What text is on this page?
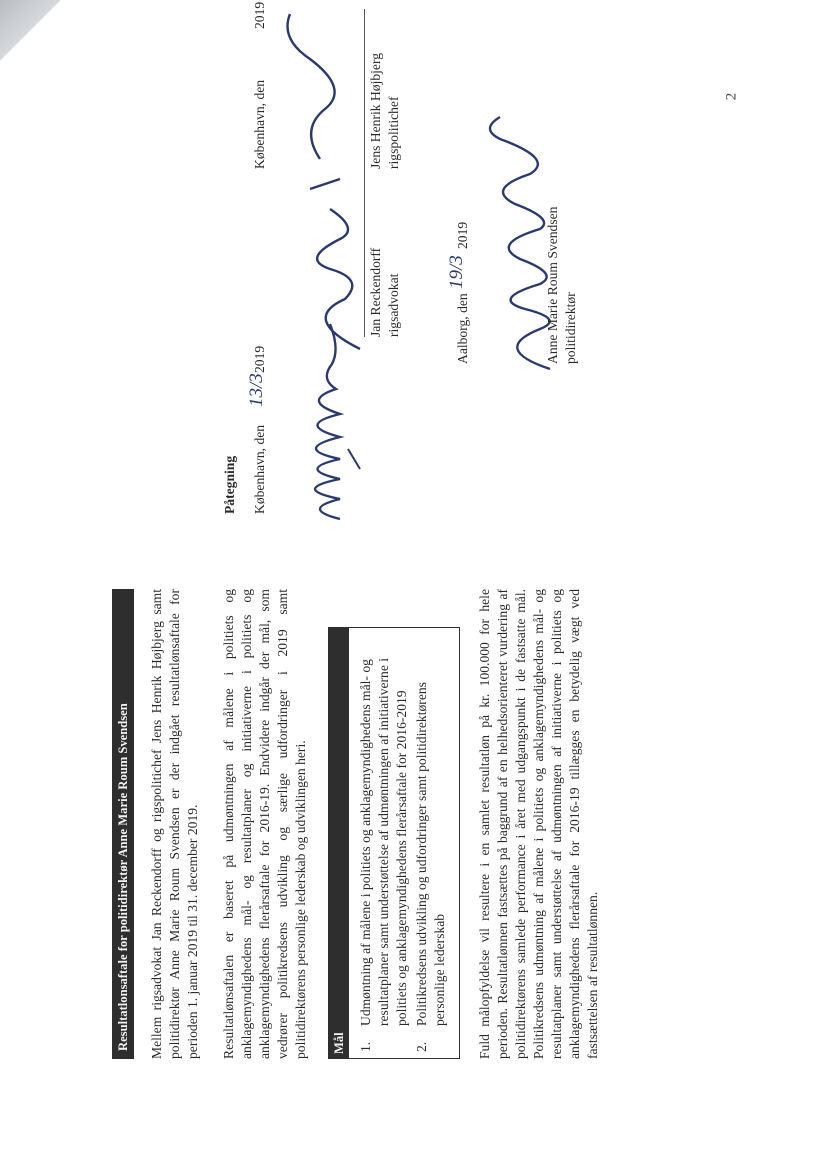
2
Resultatlonsaftale for politidirektør Anne Marie Roum Svendsen Mellem rigsadvokat Jan Reckendorff og rigspolitichef Jens Henrik Højbjerg samt politidirektør Anne Marie Roum Svendsen er der indgået resultatlønsaftale for perioden 1. januar 2019 til 31. december 2019. Resultatlønsaftalen er baseret på udmøntningen af målene i politiets og anklagemyndighedens mål- og resultatplaner og initiativerne i politiets og anklagemyndighedens flerårsaftale for 2016-19. Endvidere indgår der mål, som vedrører politikredsens udvikling og særlige udfordringer i 2019 samt politidirektørens personlige lederskab og udviklingen heri. Mål 1.
Udmøntning af målene i politiets og anklagemyndighedens mål- og resultatplaner samt understøttelse af udmøntningen af initiativerne i politiets og anklagemyndighedens flerårsaftale for 2016-2019
2.
Politikredsens udvikling og udfordringer samt politidirektørens personlige lederskab Fuld målopfyldelse vil resultere i en samlet resultatløn på kr. 100.000 for hele perioden. Resultatlønnen fastsættes på baggrund af en helhedsorienteret vurdering af politidirektørens samlede performance i året med udgangspunkt i de fastsatte mål. Politikredsens udmøntning af målene i politiets og anklagemyndighedens mål- og resultatplaner samt understøttelse af udmøntningen af initiativerne i politiets og anklagemyndighedens flerårsaftale for 2016-19 tillægges en betydelig vægt ved fastsættelsen af resultatlønnen.

Påtegning København, den
13/3
2019
Jan Reckendorff rigsadvokat
København, den
2019
Jens Henrik Højbjerg rigspolitichef
Aalborg, den
19/3
2019	Anne Marie Roum Svendsen politidirektør
